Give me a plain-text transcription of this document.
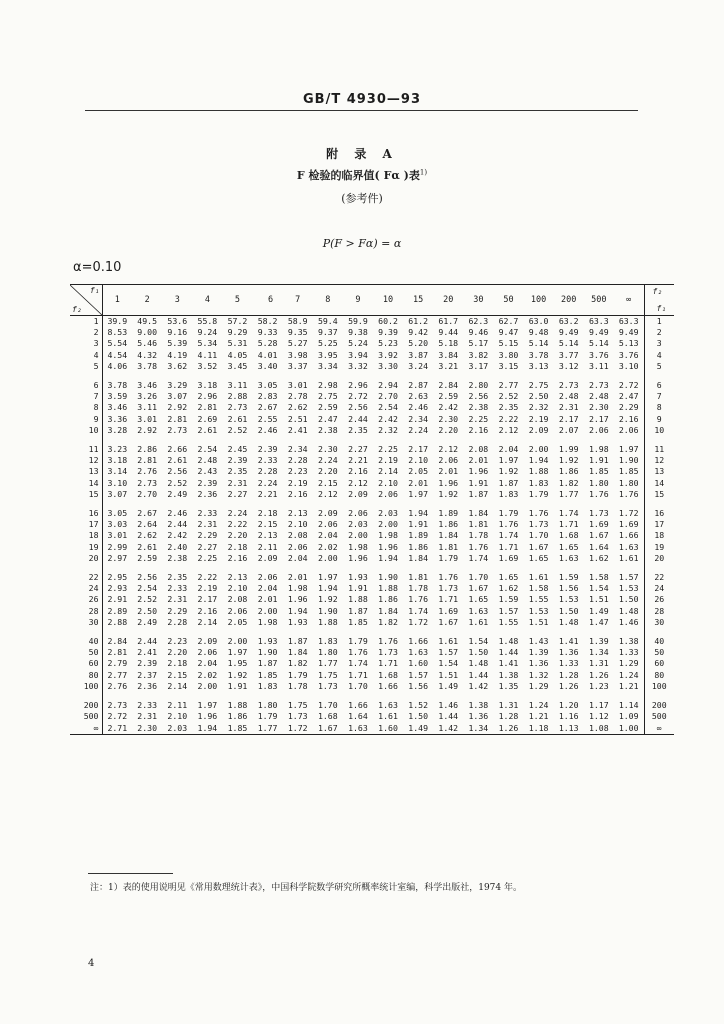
GB/T 4930—93
附 录 A
F 检验的临界值( Fα )表$^{1)}$
(参考件)
P(F > Fα) = α
α=0.10
f₁
f₂	1	2	3	4	5	6	7	8	9	10	15	20	30	50	100	200	500	∞	f₂
f₁

1	39.9	49.5	53.6	55.8	57.2	58.2	58.9	59.4	59.9	60.2	61.2	61.7	62.3	62.7	63.0	63.2	63.3	63.3	1
2	8.53	9.00	9.16	9.24	9.29	9.33	9.35	9.37	9.38	9.39	9.42	9.44	9.46	9.47	9.48	9.49	9.49	9.49	2
3	5.54	5.46	5.39	5.34	5.31	5.28	5.27	5.25	5.24	5.23	5.20	5.18	5.17	5.15	5.14	5.14	5.14	5.13	3
4	4.54	4.32	4.19	4.11	4.05	4.01	3.98	3.95	3.94	3.92	3.87	3.84	3.82	3.80	3.78	3.77	3.76	3.76	4
5	4.06	3.78	3.62	3.52	3.45	3.40	3.37	3.34	3.32	3.30	3.24	3.21	3.17	3.15	3.13	3.12	3.11	3.10	5
6	3.78	3.46	3.29	3.18	3.11	3.05	3.01	2.98	2.96	2.94	2.87	2.84	2.80	2.77	2.75	2.73	2.73	2.72	6
7	3.59	3.26	3.07	2.96	2.88	2.83	2.78	2.75	2.72	2.70	2.63	2.59	2.56	2.52	2.50	2.48	2.48	2.47	7
8	3.46	3.11	2.92	2.81	2.73	2.67	2.62	2.59	2.56	2.54	2.46	2.42	2.38	2.35	2.32	2.31	2.30	2.29	8
9	3.36	3.01	2.81	2.69	2.61	2.55	2.51	2.47	2.44	2.42	2.34	2.30	2.25	2.22	2.19	2.17	2.17	2.16	9
10	3.28	2.92	2.73	2.61	2.52	2.46	2.41	2.38	2.35	2.32	2.24	2.20	2.16	2.12	2.09	2.07	2.06	2.06	10
11	3.23	2.86	2.66	2.54	2.45	2.39	2.34	2.30	2.27	2.25	2.17	2.12	2.08	2.04	2.00	1.99	1.98	1.97	11
12	3.18	2.81	2.61	2.48	2.39	2.33	2.28	2.24	2.21	2.19	2.10	2.06	2.01	1.97	1.94	1.92	1.91	1.90	12
13	3.14	2.76	2.56	2.43	2.35	2.28	2.23	2.20	2.16	2.14	2.05	2.01	1.96	1.92	1.88	1.86	1.85	1.85	13
14	3.10	2.73	2.52	2.39	2.31	2.24	2.19	2.15	2.12	2.10	2.01	1.96	1.91	1.87	1.83	1.82	1.80	1.80	14
15	3.07	2.70	2.49	2.36	2.27	2.21	2.16	2.12	2.09	2.06	1.97	1.92	1.87	1.83	1.79	1.77	1.76	1.76	15
16	3.05	2.67	2.46	2.33	2.24	2.18	2.13	2.09	2.06	2.03	1.94	1.89	1.84	1.79	1.76	1.74	1.73	1.72	16
17	3.03	2.64	2.44	2.31	2.22	2.15	2.10	2.06	2.03	2.00	1.91	1.86	1.81	1.76	1.73	1.71	1.69	1.69	17
18	3.01	2.62	2.42	2.29	2.20	2.13	2.08	2.04	2.00	1.98	1.89	1.84	1.78	1.74	1.70	1.68	1.67	1.66	18
19	2.99	2.61	2.40	2.27	2.18	2.11	2.06	2.02	1.98	1.96	1.86	1.81	1.76	1.71	1.67	1.65	1.64	1.63	19
20	2.97	2.59	2.38	2.25	2.16	2.09	2.04	2.00	1.96	1.94	1.84	1.79	1.74	1.69	1.65	1.63	1.62	1.61	20
22	2.95	2.56	2.35	2.22	2.13	2.06	2.01	1.97	1.93	1.90	1.81	1.76	1.70	1.65	1.61	1.59	1.58	1.57	22
24	2.93	2.54	2.33	2.19	2.10	2.04	1.98	1.94	1.91	1.88	1.78	1.73	1.67	1.62	1.58	1.56	1.54	1.53	24
26	2.91	2.52	2.31	2.17	2.08	2.01	1.96	1.92	1.88	1.86	1.76	1.71	1.65	1.59	1.55	1.53	1.51	1.50	26
28	2.89	2.50	2.29	2.16	2.06	2.00	1.94	1.90	1.87	1.84	1.74	1.69	1.63	1.57	1.53	1.50	1.49	1.48	28
30	2.88	2.49	2.28	2.14	2.05	1.98	1.93	1.88	1.85	1.82	1.72	1.67	1.61	1.55	1.51	1.48	1.47	1.46	30
40	2.84	2.44	2.23	2.09	2.00	1.93	1.87	1.83	1.79	1.76	1.66	1.61	1.54	1.48	1.43	1.41	1.39	1.38	40
50	2.81	2.41	2.20	2.06	1.97	1.90	1.84	1.80	1.76	1.73	1.63	1.57	1.50	1.44	1.39	1.36	1.34	1.33	50
60	2.79	2.39	2.18	2.04	1.95	1.87	1.82	1.77	1.74	1.71	1.60	1.54	1.48	1.41	1.36	1.33	1.31	1.29	60
80	2.77	2.37	2.15	2.02	1.92	1.85	1.79	1.75	1.71	1.68	1.57	1.51	1.44	1.38	1.32	1.28	1.26	1.24	80
100	2.76	2.36	2.14	2.00	1.91	1.83	1.78	1.73	1.70	1.66	1.56	1.49	1.42	1.35	1.29	1.26	1.23	1.21	100
200	2.73	2.33	2.11	1.97	1.88	1.80	1.75	1.70	1.66	1.63	1.52	1.46	1.38	1.31	1.24	1.20	1.17	1.14	200
500	2.72	2.31	2.10	1.96	1.86	1.79	1.73	1.68	1.64	1.61	1.50	1.44	1.36	1.28	1.21	1.16	1.12	1.09	500
∞	2.71	2.30	2.03	1.94	1.85	1.77	1.72	1.67	1.63	1.60	1.49	1.42	1.34	1.26	1.18	1.13	1.08	1.00	∞
注：1）表的使用说明见《常用数理统计表》，中国科学院数学研究所概率统计室编，科学出版社，1974 年。
4
